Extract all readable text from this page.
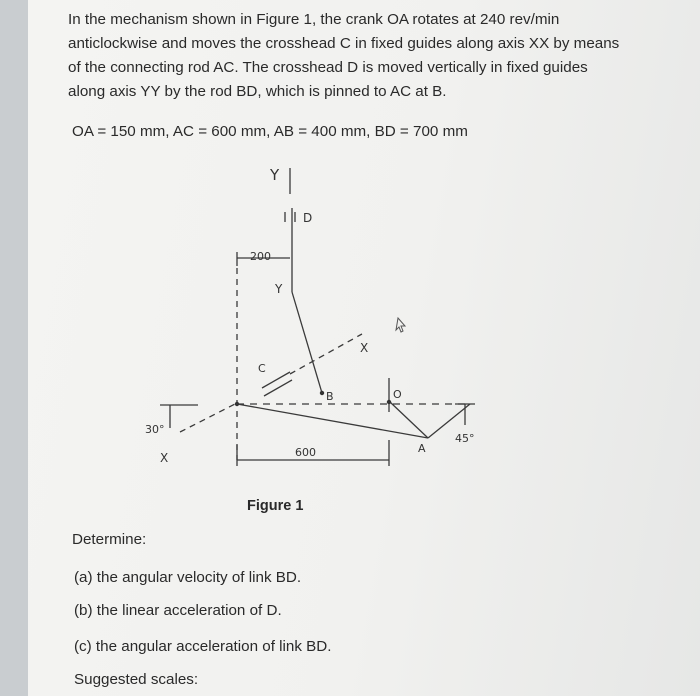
In the mechanism shown in Figure 1, the crank OA rotates at 240 rev/min
anticlockwise and moves the crosshead C in fixed guides along axis XX by means
of the connecting rod AC. The crosshead D is moved vertically in fixed guides
along axis YY by the rod BD, which is pinned to AC at B.
OA = 150 mm, AC = 600 mm, AB = 400 mm, BD = 700 mm
Y
D
200
Y
C
X
B	O
A
30°
X	600
45°
Figure 1
Determine:
(a) the angular velocity of link BD.
(b) the linear acceleration of D.
(c) the angular acceleration of link BD.
Suggested scales:
